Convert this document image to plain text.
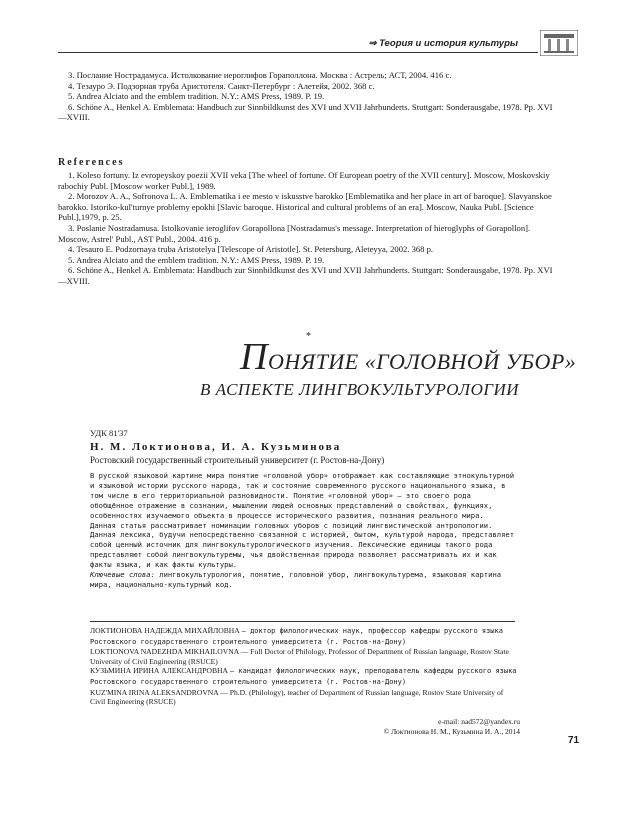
⇒ Теория и история культуры

3. Послание Нострадамуса. Истолкование иероглифов Гораполлона. Москва : Астрель; АСТ, 2004. 416 с.

4. Тезауро Э. Подзорная труба Аристотеля. Санкт-Петербург : Алетейя, 2002. 368 с.

5. Andrea Alciato and the emblem tradition. N.Y.: AMS Press, 1989. P. 19.

6. Schöne A., Henkel A. Emblemata: Handbuch zur Sinnbildkunst des XVI und XVII Jahrhunderts. Stuttgart: Sonderausgabe, 1978. Pp. XVI—XVIII.

References

1. Koleso fortuny. Iz evropeyskoy poezii XVII veka [The wheel of fortune. Of European poetry of the XVII century]. Moscow, Moskovskiy rabochiy Publ. [Moscow worker Publ.], 1989.

2. Morozov A. A., Sofronova L. A. Emblematika i ee mesto v iskusstve barokko [Emblematika and her place in art of baroque]. Slavyanskoe barokko. Istoriko-kul'turnye problemy epokhi [Slavic baroque. Historical and cultural problems of an era]. Moscow, Nauka Publ. [Science Publ.],1979, p. 25.

3. Poslanie Nostradamusa. Istolkovanie ieroglifov Gorapollona [Nostradamus's message. Interpretation of hieroglyphs of Gorapollon]. Moscow, Astrel' Publ., AST Publ., 2004. 416 p.

4. Tesauro E. Podzornaya truba Aristotelya [Telescope of Aristotle]. St. Petersburg, Aleteyya, 2002. 368 p.

5. Andrea Alciato and the emblem tradition. N.Y.: AMS Press, 1989. P. 19.

6. Schöne A., Henkel A. Emblemata: Handbuch zur Sinnbildkunst des XVI und XVII Jahrhunderts. Stuttgart: Sonderausgabe, 1978. Pp. XVI—XVIII.

*
ПОНЯТИЕ «ГОЛОВНОЙ УБОР»
В АСПЕКТЕ ЛИНГВОКУЛЬТУРОЛОГИИ
УДК 81'37
Н. М. Локтионова, И. А. Кузьминова
Ростовский государственный строительный университет (г. Ростов-на-Дону)

В русской языковой картине мира понятие «головной убор» отображает как составляющие этнокультурной и языковой истории русского народа, так и состояние современного русского национального языка, в том числе в его территориальной разновидности. Понятие «головной убор» — это своего рода обобщённое отражение в сознании, мышлении людей основных представлений о свойствах, функциях, особенностях изучаемого объекта в процессе исторического развития, познания реального мира.

Данная статья рассматривает номинации головных уборов с позиций лингвистической антропологии. Данная лексика, будучи непосредственно связанной с историей, бытом, культурой народа, представляет собой ценный источник для лингвокультурологического изучения. Лексические единицы такого рода представляют собой лингвокультуремы, чья двойственная природа позволяет рассматривать их и как факты языка, и как факты культуры.

Ключевые слова: лингвокультурология, понятие, головной убор, лингвокультурема, языковая картина мира, национально-культурный код.

ЛОКТИОНОВА НАДЕЖДА МИХАЙЛОВНА — доктор филологических наук, профессор кафедры русского языка Ростовского государственного строительного университета (г. Ростов-на-Дону)
LOKTIONOVA NADEZHDA MIKHAILOVNA — Full Doctor of Philology, Professor of Department of Russian language, Rostov State University of Civil Engineering (RSUCE)
КУЗЬМИНА ИРИНА АЛЕКСАНДРОВНА — кандидат филологических наук, преподаватель кафедры русского языка Ростовского государственного строительного университета (г. Ростов-на-Дону)
KUZ'MINA IRINA ALEKSANDROVNA — Ph.D. (Philology), teacher of Department of Russian language, Rostov State University of Civil Engineering (RSUCE)
e-mail: nad572@yandex.ru
© Локтионова Н. М., Кузьмина И. А., 2014
71
